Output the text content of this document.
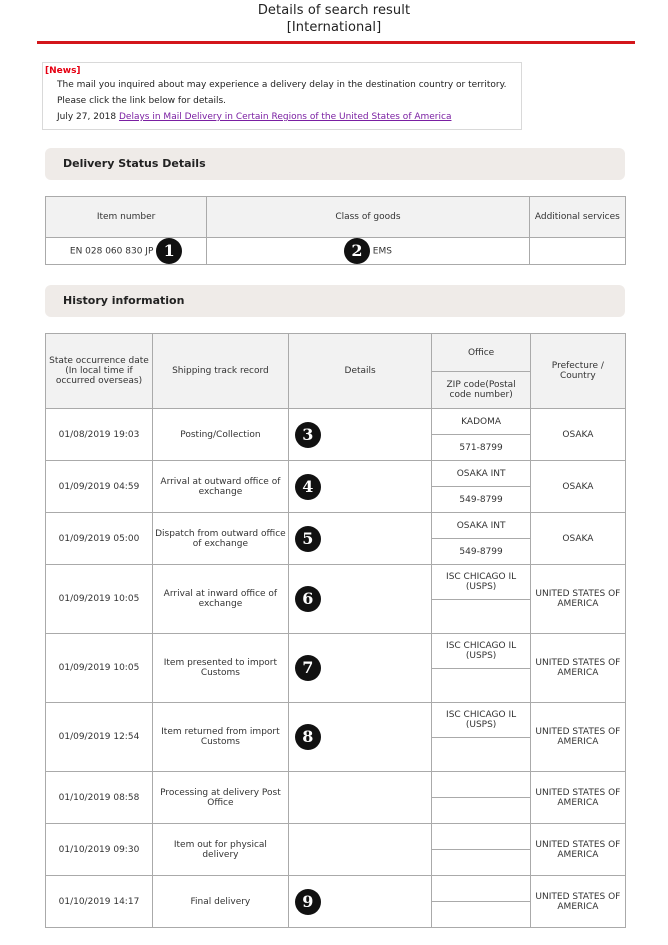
Details of search result
[International]
[News]
The mail you inquired about may experience a delivery delay in the destination country or territory.
Please click the link below for details.
July 27, 2018 Delays in Mail Delivery in Certain Regions of the United States of America
Delivery Status Details
Item number	Class of goods	Additional services
EN 028 060 830 JP 1	2 EMS	
History information
State occurrence date (In local time if occurred overseas)	Shipping track record	Details	Office	Prefecture / Country
			ZIP code(Postal code number)	
01/08/2019 19:03	Posting/Collection	3	KADOMA	OSAKA
			571-8799	
01/09/2019 04:59	Arrival at outward office of exchange	4	OSAKA INT	OSAKA
			549-8799	
01/09/2019 05:00	Dispatch from outward office of exchange	5	OSAKA INT	OSAKA
			549-8799	
01/09/2019 10:05	Arrival at inward office of exchange	6	ISC CHICAGO IL (USPS)	UNITED STATES OF AMERICA

01/09/2019 10:05	Item presented to import Customs	7	ISC CHICAGO IL (USPS)	UNITED STATES OF AMERICA

01/09/2019 12:54	Item returned from import Customs	8	ISC CHICAGO IL (USPS)	UNITED STATES OF AMERICA

01/10/2019 08:58	Processing at delivery Post Office			UNITED STATES OF AMERICA

01/10/2019 09:30	Item out for physical delivery			UNITED STATES OF AMERICA

01/10/2019 14:17	Final delivery	9		UNITED STATES OF AMERICA
